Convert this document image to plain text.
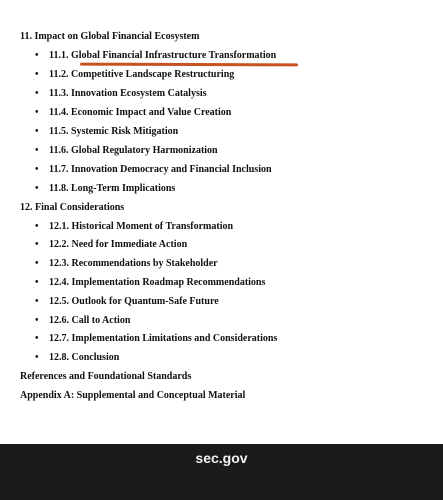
11. Impact on Global Financial Ecosystem
• 11.1. Global Financial Infrastructure Transformation
• 11.2. Competitive Landscape Restructuring
• 11.3. Innovation Ecosystem Catalysis
• 11.4. Economic Impact and Value Creation
• 11.5. Systemic Risk Mitigation
• 11.6. Global Regulatory Harmonization
• 11.7. Innovation Democracy and Financial Inclusion
• 11.8. Long-Term Implications
12. Final Considerations
• 12.1. Historical Moment of Transformation
• 12.2. Need for Immediate Action
• 12.3. Recommendations by Stakeholder
• 12.4. Implementation Roadmap Recommendations
• 12.5. Outlook for Quantum-Safe Future
• 12.6. Call to Action
• 12.7. Implementation Limitations and Considerations
• 12.8. Conclusion
References and Foundational Standards
Appendix A: Supplemental and Conceptual Material
sec.gov
